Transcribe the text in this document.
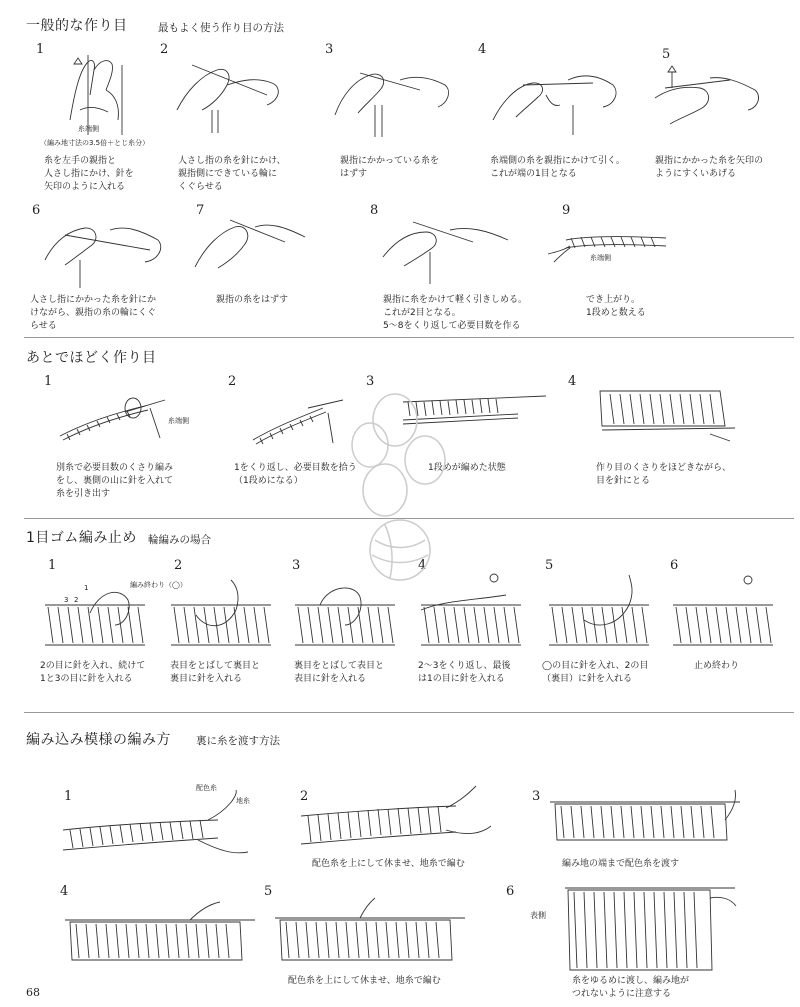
一般的な作り目	最もよく使う作り目の方法
1	2	3	4	5
糸端側
（編み地寸法の3.5倍＋とじ糸分）
糸を左手の親指と
人さし指にかけ、針を
矢印のように入れる
人さし指の糸を針にかけ、
親指側にできている輪に
くぐらせる
親指にかかっている糸を
はずす
糸端側の糸を親指にかけて引く。
これが端の1目となる
親指にかかった糸を矢印の
ようにすくいあげる
6	7	8	9
糸端側
人さし指にかかった糸を針にか
けながら、親指の糸の輪にくぐ
らせる
親指の糸をはずす	親指に糸をかけて軽く引きしめる。
これが2目となる。
5～8をくり返して必要目数を作る
でき上がり。
1段めと数える
あとでほどく作り目
1	2	3	4
糸端側
別糸で必要目数のくさり編み
をし、裏側の山に針を入れて
糸を引き出す
1をくり返し、必要目数を拾う
（1段めになる）
1段めが編めた状態	作り目のくさりをほどきながら、
目を針にとる
1目ゴム編み止め 輪編みの場合
1	2	3	4	5	6
編み終わり（◯）
3 2
1
2の目に針を入れ、続けて
1と3の目に針を入れる
表目をとばして裏目と
裏目に針を入れる
裏目をとばして表目と
表目に針を入れる
2～3をくり返し、最後
は1の目に針を入れる
◯の目に針を入れ、2の目
（裏目）に針を入れる
止め終わり
編み込み模様の編み方 裏に糸を渡す方法
1	2	3
4	5	6
配色糸
地糸
配色糸を上にして休ませ、地糸で編む	編み地の端まで配色糸を渡す
表側
配色糸を上にして休ませ、地糸で編む	糸をゆるめに渡し、編み地が
つれないように注意する
68
